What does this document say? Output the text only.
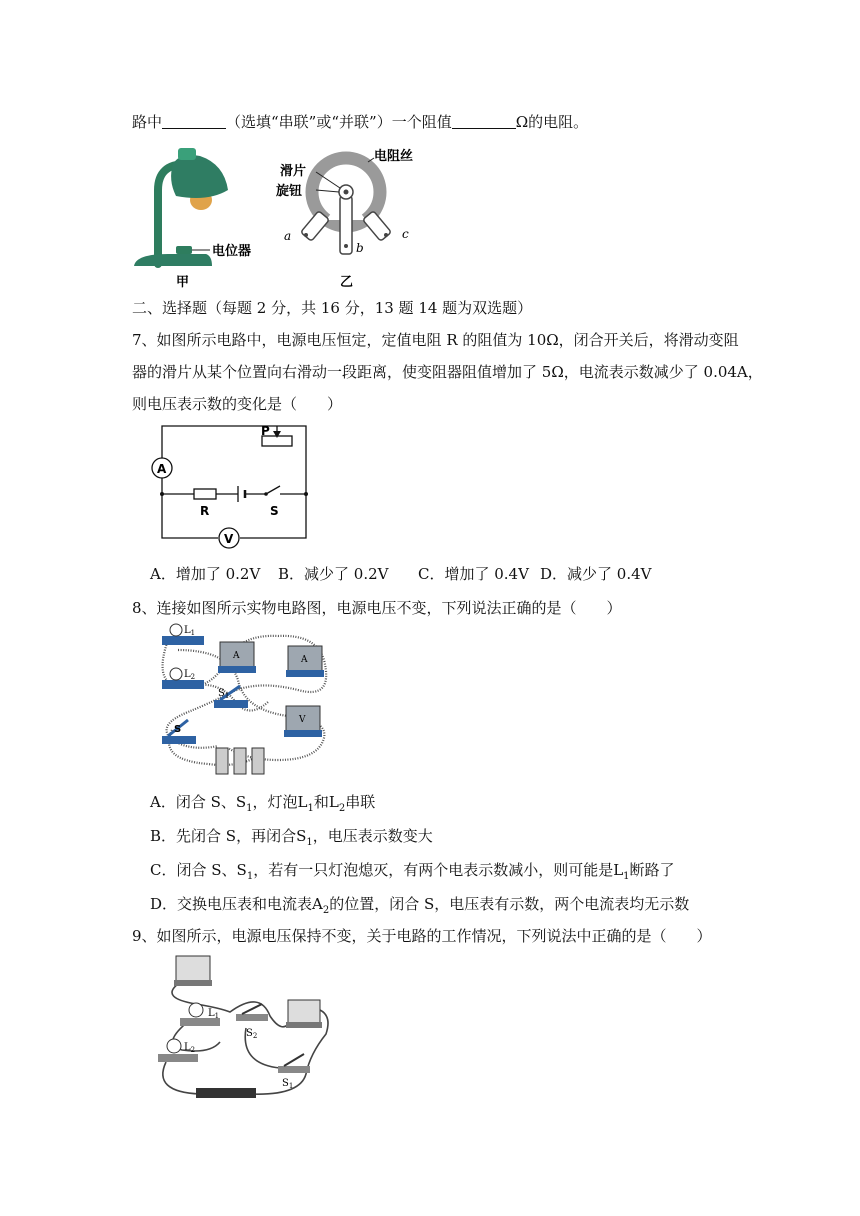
路中	（选填“串联”或“并联”）一个阻值	Ω的电阻。
电位器
甲
滑片
旋钮
电阻丝
a
b
c
乙
二、选择题（每题 2 分，共 16 分，13 题 14 题为双选题）
7、如图所示电路中，电源电压恒定，定值电阻 R 的阻值为 10Ω，闭合开关后，将滑动变阻
器的滑片从某个位置向右滑动一段距离，使变阻器阻值增加了 5Ω，电流表示数减少了 0.04A，
则电压表示数的变化是（　　）
P
A
R	S
V
A．增加了 0.2V B．减少了 0.2V C．增加了 0.4V D．减少了 0.4V
8、连接如图所示实物电路图，电源电压不变，下列说法正确的是（　　）
$L_1$
$L_2$
$S_1$
S
A	A
V
A．闭合 S、$S_1$，灯泡$L_1$和$L_2$串联
B．先闭合 S，再闭合$S_1$，电压表示数变大
C．闭合 S、$S_1$，若有一只灯泡熄灭，有两个电表示数减小，则可能是$L_1$断路了
D．交换电压表和电流表$A_2$的位置，闭合 S，电压表有示数，两个电流表均无示数
9、如图所示，电源电压保持不变，关于电路的工作情况，下列说法中正确的是（　　）
$L_1$
$L_2$
$S_2$
$S_1$
